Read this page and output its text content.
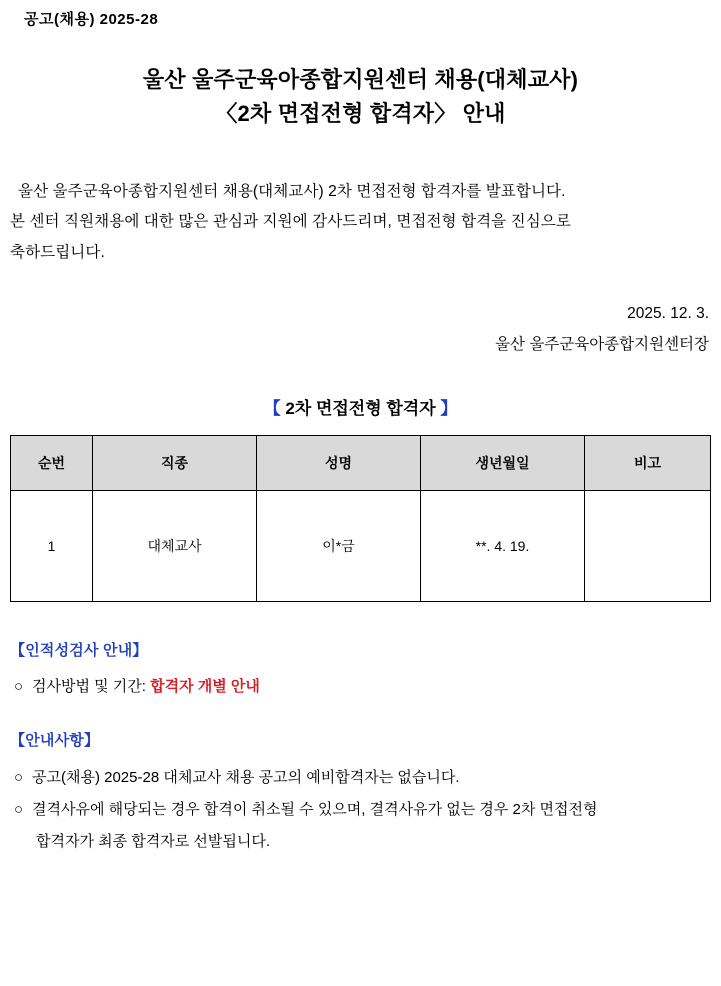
공고(채용) 2025-28
울산 울주군육아종합지원센터 채용(대체교사)
〈2차 면접전형 합격자〉 안내

울산 울주군육아종합지원센터 채용(대체교사) 2차 면접전형 합격자를 발표합니다.

본 센터 직원채용에 대한 많은 관심과 지원에 감사드리며, 면접전형 합격을 진심으로

축하드립니다.

2025. 12. 3.
울산 울주군육아종합지원센터장
【 2차 면접전형 합격자 】
순번	직종	성명	생년월일	비고
1	대체교사	이*금	**. 4. 19.	
【인적성검사 안내】

○ 검사방법 및 기간: 합격자 개별 안내

【안내사항】

○ 공고(채용) 2025-28 대체교사 채용 공고의 예비합격자는 없습니다.

○ 결격사유에 해당되는 경우 합격이 취소될 수 있으며, 결격사유가 없는 경우 2차 면접전형

합격자가 최종 합격자로 선발됩니다.
